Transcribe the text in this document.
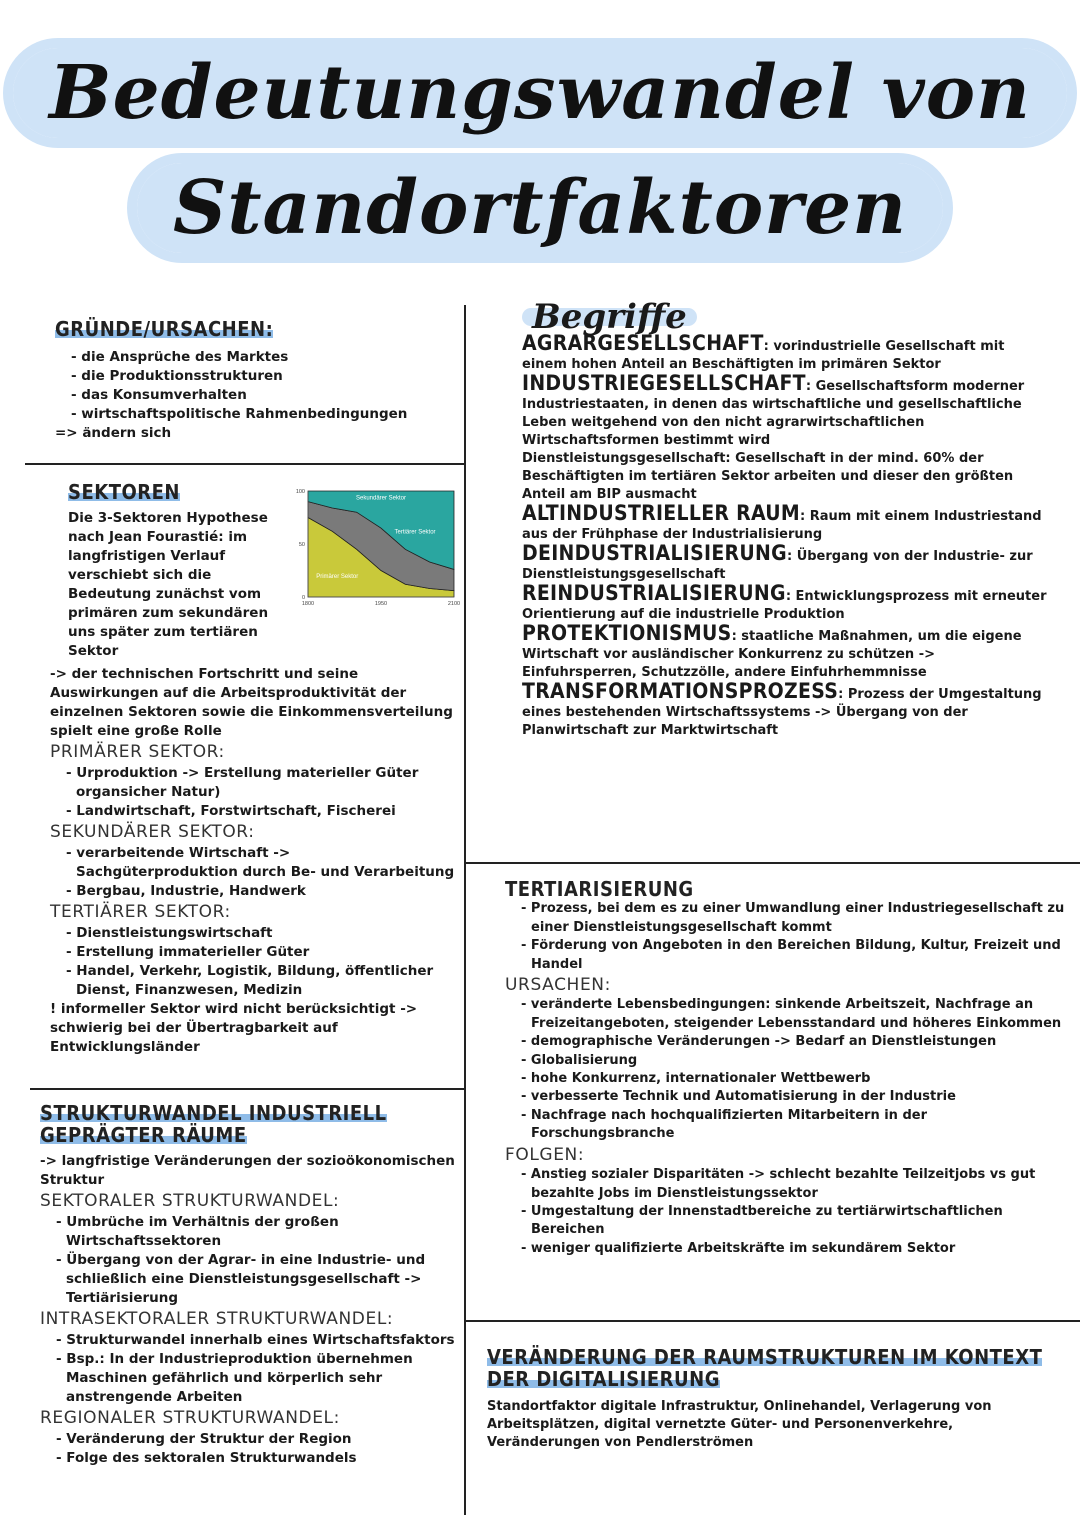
Bedeutungswandel von
Standortfaktoren
GRÜNDE/URSACHEN:
- die Ansprüche des Marktes
- die Produktionsstrukturen
- das Konsumverhalten
- wirtschaftspolitische Rahmenbedingungen
=> ändern sich
SEKTOREN

Die 3-Sektoren Hypothese nach Jean Fourastié: im langfristigen Verlauf verschiebt sich die Bedeutung zunächst vom primären zum sekundären uns später zum tertiären Sektor

Primärer Sektor
Sekundärer Sektor
Tertiärer Sektor
100
50
0
1800	1950	2100

-> der technischen Fortschritt und seine Auswirkungen auf die Arbeitsproduktivität der einzelnen Sektoren sowie die Einkommensverteilung spielt eine große Rolle

PRIMÄRER SEKTOR:
- Urproduktion -> Erstellung materieller Güter organsicher Natur)
- Landwirtschaft, Forstwirtschaft, Fischerei
SEKUNDÄRER SEKTOR:
- verarbeitende Wirtschaft -> Sachgüterproduktion durch Be- und Verarbeitung
- Bergbau, Industrie, Handwerk
TERTIÄRER SEKTOR:
- Dienstleistungswirtschaft
- Erstellung immaterieller Güter
- Handel, Verkehr, Logistik, Bildung, öffentlicher Dienst, Finanzwesen, Medizin

! informeller Sektor wird nicht berücksichtigt -> schwierig bei der Übertragbarkeit auf Entwicklungsländer

STRUKTURWANDEL INDUSTRIELL GEPRÄGTER RÄUME

-> langfristige Veränderungen der sozioökonomischen Struktur

SEKTORALER STRUKTURWANDEL:
- Umbrüche im Verhältnis der großen Wirtschaftssektoren
- Übergang von der Agrar- in eine Industrie- und schließlich eine Dienstleistungsgesellschaft -> Tertiärisierung
INTRASEKTORALER STRUKTURWANDEL:
- Strukturwandel innerhalb eines Wirtschaftsfaktors
- Bsp.: In der Industrieproduktion übernehmen Maschinen gefährlich und körperlich sehr anstrengende Arbeiten
REGIONALER STRUKTURWANDEL:
- Veränderung der Struktur der Region
- Folge des sektoralen Strukturwandels
Begriffe
AGRARGESELLSCHAFT: vorindustrielle Gesellschaft mit einem hohen Anteil an Beschäftigten im primären Sektor
INDUSTRIEGESELLSCHAFT: Gesellschaftsform moderner Industriestaaten, in denen das wirtschaftliche und gesellschaftliche Leben weitgehend von den nicht agrarwirtschaftlichen Wirtschaftsformen bestimmt wird
Dienstleistungsgesellschaft: Gesellschaft in der mind. 60% der Beschäftigten im tertiären Sektor arbeiten und dieser den größten Anteil am BIP ausmacht
ALTINDUSTRIELLER RAUM: Raum mit einem Industriestand aus der Frühphase der Industrialisierung
DEINDUSTRIALISIERUNG: Übergang von der Industrie- zur Dienstleistungsgesellschaft
REINDUSTRIALISIERUNG: Entwicklungsprozess mit erneuter Orientierung auf die industrielle Produktion
PROTEKTIONISMUS: staatliche Maßnahmen, um die eigene Wirtschaft vor ausländischer Konkurrenz zu schützen -> Einfuhrsperren, Schutzzölle, andere Einfuhrhemmnisse
TRANSFORMATIONSPROZESS: Prozess der Umgestaltung eines bestehenden Wirtschaftssystems -> Übergang von der Planwirtschaft zur Marktwirtschaft
TERTIARISIERUNG
- Prozess, bei dem es zu einer Umwandlung einer Industriegesellschaft zu einer Dienstleistungsgesellschaft kommt
- Förderung von Angeboten in den Bereichen Bildung, Kultur, Freizeit und Handel
URSACHEN:
- veränderte Lebensbedingungen: sinkende Arbeitszeit, Nachfrage an Freizeitangeboten, steigender Lebensstandard und höheres Einkommen
- demographische Veränderungen -> Bedarf an Dienstleistungen
- Globalisierung
- hohe Konkurrenz, internationaler Wettbewerb
- verbesserte Technik und Automatisierung in der Industrie
- Nachfrage nach hochqualifizierten Mitarbeitern in der Forschungsbranche
FOLGEN:
- Anstieg sozialer Disparitäten -> schlecht bezahlte Teilzeitjobs vs gut bezahlte Jobs im Dienstleistungssektor
- Umgestaltung der Innenstadtbereiche zu tertiärwirtschaftlichen Bereichen
- weniger qualifizierte Arbeitskräfte im sekundärem Sektor
VERÄNDERUNG DER RAUMSTRUKTUREN IM KONTEXT DER DIGITALISIERUNG

Standortfaktor digitale Infrastruktur, Onlinehandel, Verlagerung von Arbeitsplätzen, digital vernetzte Güter- und Personenverkehre, Veränderungen von Pendlerströmen
